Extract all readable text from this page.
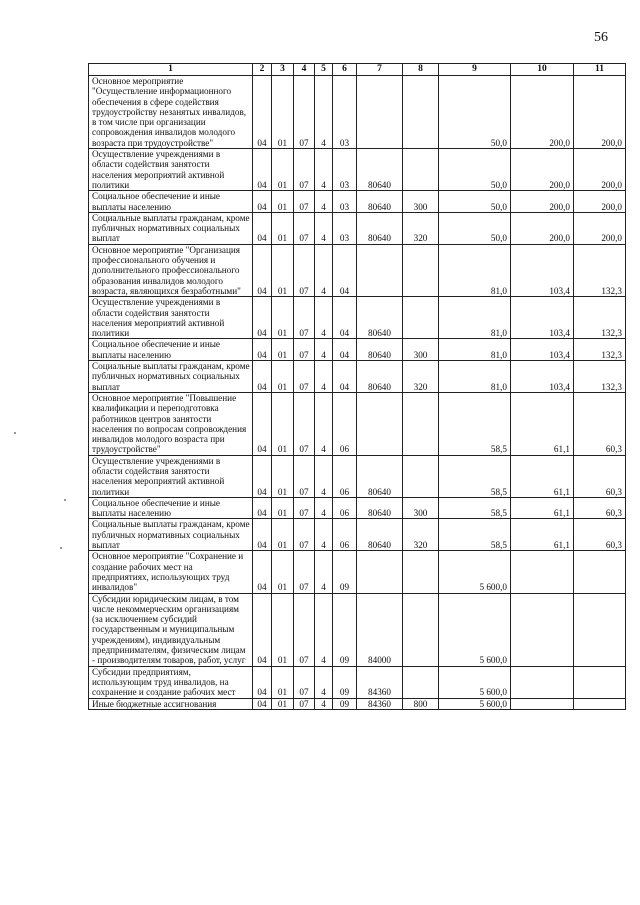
56
1	2	3	4	5	6	7	8	9	10	11
Основное мероприятие "Осуществление информационного обеспечения в сфере содействия трудоустройству незанятых инвалидов, в том числе при организации сопровождения инвалидов молодого возраста при трудоустройстве"	04	01	07	4	03			50,0	200,0	200,0
Осуществление учреждениями в области содействия занятости населения мероприятий активной политики	04	01	07	4	03	80640		50,0	200,0	200,0
Социальное обеспечение и иные выплаты населению	04	01	07	4	03	80640	300	50,0	200,0	200,0
Социальные выплаты гражданам, кроме публичных нормативных социальных выплат	04	01	07	4	03	80640	320	50,0	200,0	200,0
Основное мероприятие "Организация профессионального обучения и дополнительного профессионального образования инвалидов молодого возраста, являющихся безработными"	04	01	07	4	04			81,0	103,4	132,3
Осуществление учреждениями в области содействия занятости населения мероприятий активной политики	04	01	07	4	04	80640		81,0	103,4	132,3
Социальное обеспечение и иные выплаты населению	04	01	07	4	04	80640	300	81,0	103,4	132,3
Социальные выплаты гражданам, кроме публичных нормативных социальных выплат	04	01	07	4	04	80640	320	81,0	103,4	132,3
Основное мероприятие "Повышение квалификации и переподготовка работников центров занятости населения по вопросам сопровождения инвалидов молодого возраста при трудоустройстве"	04	01	07	4	06			58,5	61,1	60,3
Осуществление учреждениями в области содействия занятости населения мероприятий активной политики	04	01	07	4	06	80640		58,5	61,1	60,3
Социальное обеспечение и иные выплаты населению	04	01	07	4	06	80640	300	58,5	61,1	60,3
Социальные выплаты гражданам, кроме публичных нормативных социальных выплат	04	01	07	4	06	80640	320	58,5	61,1	60,3
Основное мероприятие "Сохранение и создание рабочих мест на предприятиях, использующих труд инвалидов"	04	01	07	4	09			5 600,0		
Субсидии юридическим лицам, в том числе некоммерческим организациям (за исключением субсидий государственным и муниципальным учреждениям), индивидуальным предпринимателям, физическим лицам - производителям товаров, работ, услуг	04	01	07	4	09	84000		5 600,0		
Субсидии предприятиям, использующим труд инвалидов, на сохранение и создание рабочих мест	04	01	07	4	09	84360		5 600,0		
Иные бюджетные ассигнования	04	01	07	4	09	84360	800	5 600,0		
